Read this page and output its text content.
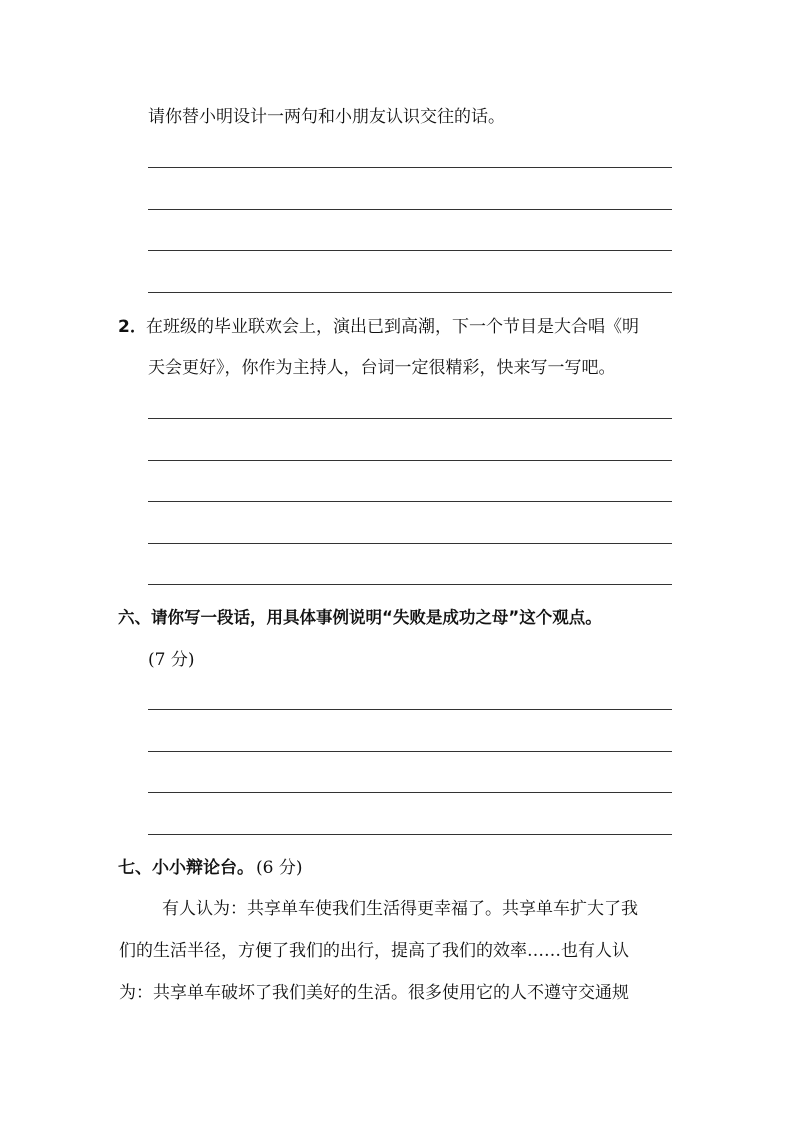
请你替小明设计一两句和小朋友认识交往的话。
2． 在班级的毕业联欢会上，演出已到高潮，下一个节目是大合唱《明
天会更好》，你作为主持人，台词一定很精彩，快来写一写吧。
六、请你写一段话，用具体事例说明“失败是成功之母”这个观点。
(7 分)
七、小小辩论台。 (6 分)
有人认为：共享单车使我们生活得更幸福了。共享单车扩大了我
们的生活半径，方便了我们的出行，提高了我们的效率……也有人认
为：共享单车破坏了我们美好的生活。很多使用它的人不遵守交通规
